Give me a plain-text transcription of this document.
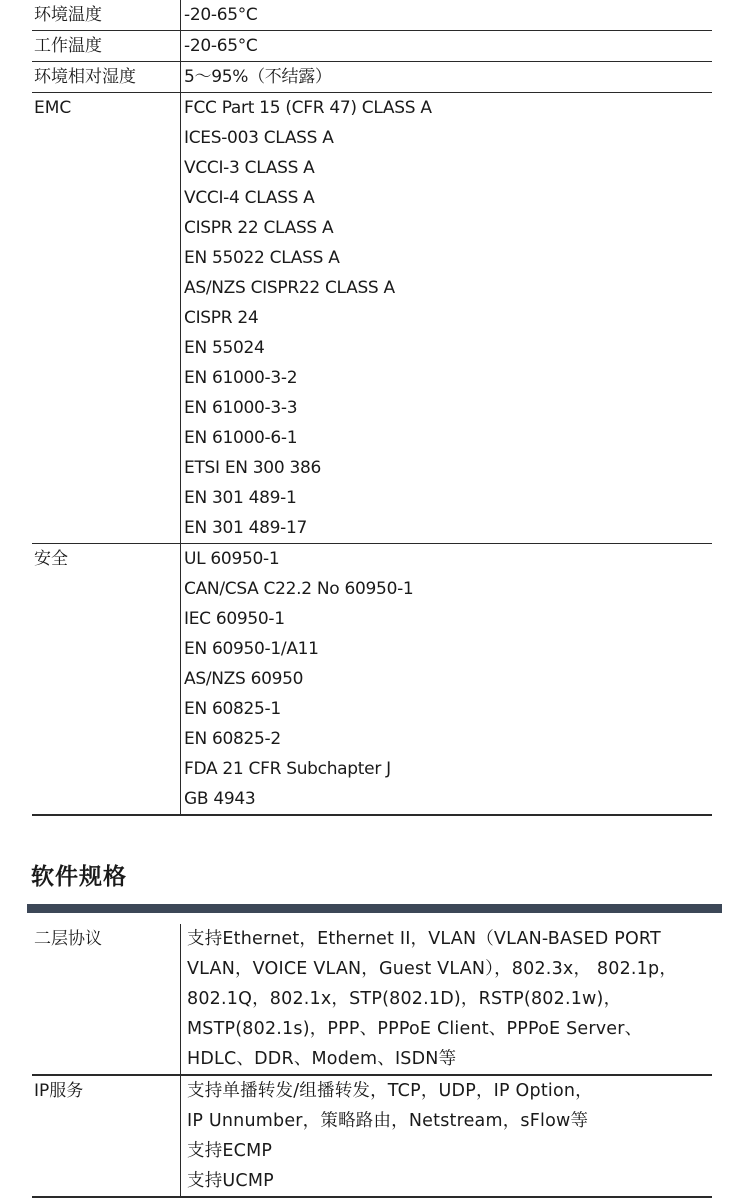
环境温度	-20-65°C
工作温度	-20-65°C
环境相对湿度	5～95%（不结露）
EMC	FCC Part 15 (CFR 47) CLASS A
ICES-003 CLASS A
VCCI-3 CLASS A
VCCI-4 CLASS A
CISPR 22 CLASS A
EN 55022 CLASS A
AS/NZS CISPR22 CLASS A
CISPR 24
EN 55024
EN 61000-3-2
EN 61000-3-3
EN 61000-6-1
ETSI EN 300 386
EN 301 489-1
EN 301 489-17
安全	UL 60950-1
CAN/CSA C22.2 No 60950-1
IEC 60950-1
EN 60950-1/A11
AS/NZS 60950
EN 60825-1
EN 60825-2
FDA 21 CFR Subchapter J
GB 4943
软件规格
二层协议	支持Ethernet，Ethernet II，VLAN（VLAN-BASED PORT
VLAN，VOICE VLAN，Guest VLAN），802.3x， 802.1p，
802.1Q，802.1x，STP(802.1D)，RSTP(802.1w)，
MSTP(802.1s)，PPP、PPPoE Client、PPPoE Server、
HDLC、DDR、Modem、ISDN等
IP服务	支持单播转发/组播转发，TCP，UDP，IP Option，
IP Unnumber，策略路由，Netstream，sFlow等
支持ECMP
支持UCMP
